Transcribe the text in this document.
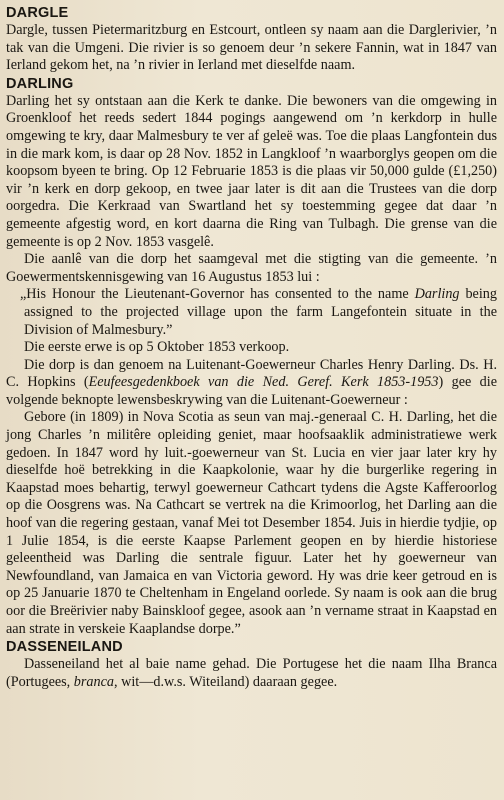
DARGLE

Dargle, tussen Pietermaritzburg en Estcourt, ontleen sy naam aan die Darglerivier, ’n tak van die Umgeni. Die rivier is so genoem deur ’n sekere Fannin, wat in 1847 van Ierland gekom het, na ’n rivier in Ierland met dieselfde naam.

DARLING

Darling het sy ontstaan aan die Kerk te danke. Die bewoners van die omgewing in Groenkloof het reeds sedert 1844 pogings aangewend om ’n kerkdorp in hulle omgewing te kry, daar Malmesbury te ver af geleë was. Toe die plaas Langfontein dus in die mark kom, is daar op 28 Nov. 1852 in Langkloof ’n waarborglys geopen om die koopsom byeen te bring. Op 12 Februarie 1853 is die plaas vir 50,000 gulde (£1,250) vir ’n kerk en dorp gekoop, en twee jaar later is dit aan die Trustees van die dorp oorgedra. Die Kerkraad van Swartland het sy toestemming gegee dat daar ’n gemeente afgestig word, en kort daarna die Ring van Tulbagh. Die grense van die gemeente is op 2 Nov. 1853 vasgelê.

Die aanlê van die dorp het saamgeval met die stigting van die gemeente. ’n Goewermentskennisgewing van 16 Augustus 1853 lui :

„His Honour the Lieutenant-Governor has consented to the name Darling being assigned to the projected village upon the farm Langefontein situate in the Division of Malmesbury.”

Die eerste erwe is op 5 Oktober 1853 verkoop.

Die dorp is dan genoem na Luitenant-Goewerneur Charles Henry Darling. Ds. H. C. Hopkins (Eeufeesgedenkboek van die Ned. Geref. Kerk 1853-1953) gee die volgende beknopte lewensbeskrywing van die Luitenant-Goewerneur :

Gebore (in 1809) in Nova Scotia as seun van maj.-generaal C. H. Darling, het die jong Charles ’n militêre opleiding geniet, maar hoofsaaklik administratiewe werk gedoen. In 1847 word hy luit.-goewerneur van St. Lucia en vier jaar later kry hy dieselfde hoë betrekking in die Kaapkolonie, waar hy die burgerlike regering in Kaapstad moes behartig, terwyl goewerneur Cathcart tydens die Agste Kafferoorlog op die Oosgrens was. Na Cathcart se vertrek na die Krimoorlog, het Darling aan die hoof van die regering gestaan, vanaf Mei tot Desember 1854. Juis in hierdie tydjie, op 1 Julie 1854, is die eerste Kaapse Parlement geopen en by hierdie historiese geleentheid was Darling die sentrale figuur. Later het hy goewerneur van Newfoundland, van Jamaica en van Victoria geword. Hy was drie keer getroud en is op 25 Januarie 1870 te Cheltenham in Engeland oorlede. Sy naam is ook aan die brug oor die Breërivier naby Bainskloof gegee, asook aan ’n vername straat in Kaapstad en aan strate in verskeie Kaaplandse dorpe.”

DASSENEILAND

Dasseneiland het al baie name gehad. Die Portugese het die naam Ilha Branca (Portugees, branca, wit—d.w.s. Witeiland) daaraan gegee.
